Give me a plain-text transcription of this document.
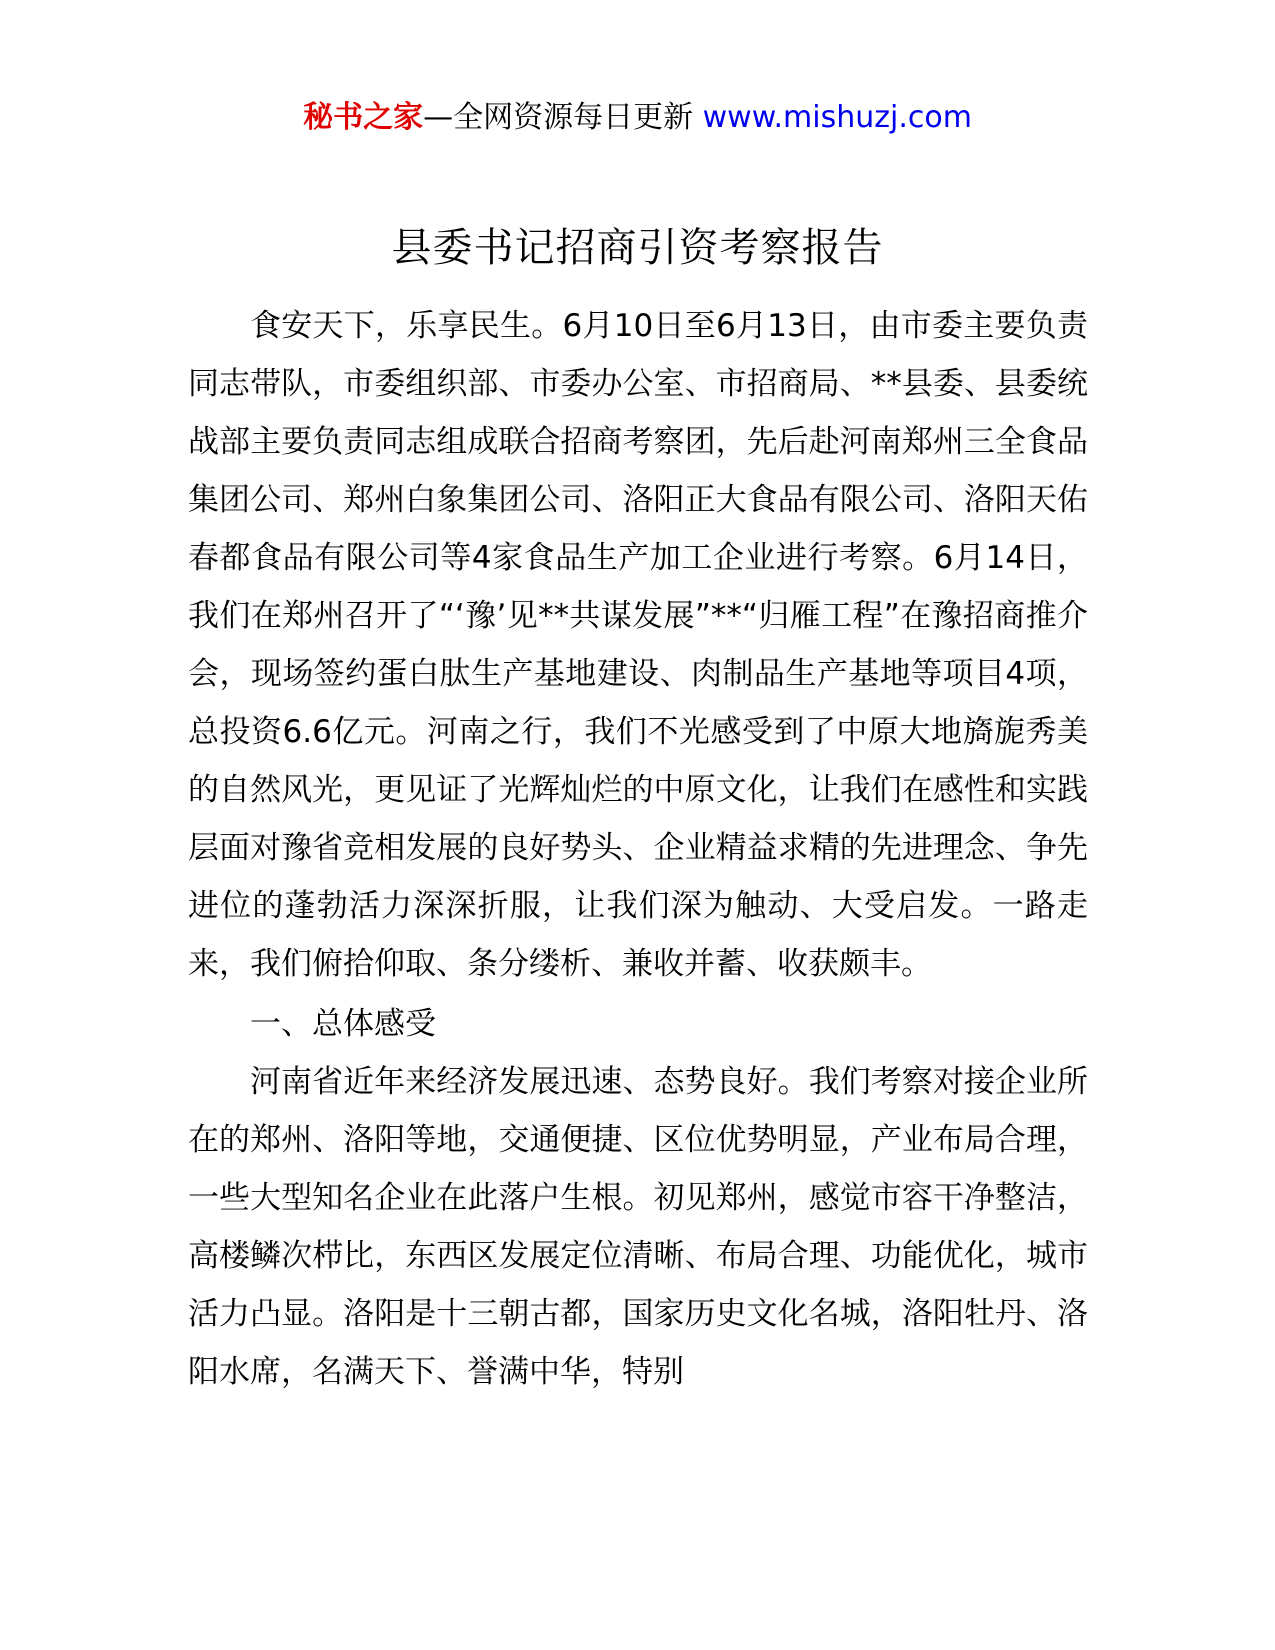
秘书之家—全网资源每日更新 www.mishuzj.com
县委书记招商引资考察报告

食安天下，乐享民生。6月10日至6月13日，由市委主要负责同志带队，市委组织部、市委办公室、市招商局、**县委、县委统战部主要负责同志组成联合招商考察团，先后赴河南郑州三全食品集团公司、郑州白象集团公司、洛阳正大食品有限公司、洛阳天佑春都食品有限公司等4家食品生产加工企业进行考察。6月14日，我们在郑州召开了“‘豫’见**共谋发展”**“归雁工程”在豫招商推介会，现场签约蛋白肽生产基地建设、肉制品生产基地等项目4项，总投资6.6亿元。河南之行，我们不光感受到了中原大地旖旎秀美的自然风光，更见证了光辉灿烂的中原文化，让我们在感性和实践层面对豫省竞相发展的良好势头、企业精益求精的先进理念、争先进位的蓬勃活力深深折服，让我们深为触动、大受启发。一路走来，我们俯拾仰取、条分缕析、兼收并蓄、收获颇丰。

一、总体感受

河南省近年来经济发展迅速、态势良好。我们考察对接企业所在的郑州、洛阳等地，交通便捷、区位优势明显，产业布局合理，一些大型知名企业在此落户生根。初见郑州，感觉市容干净整洁，高楼鳞次栉比，东西区发展定位清晰、布局合理、功能优化，城市活力凸显。洛阳是十三朝古都，国家历史文化名城，洛阳牡丹、洛阳水席，名满天下、誉满中华，特别
